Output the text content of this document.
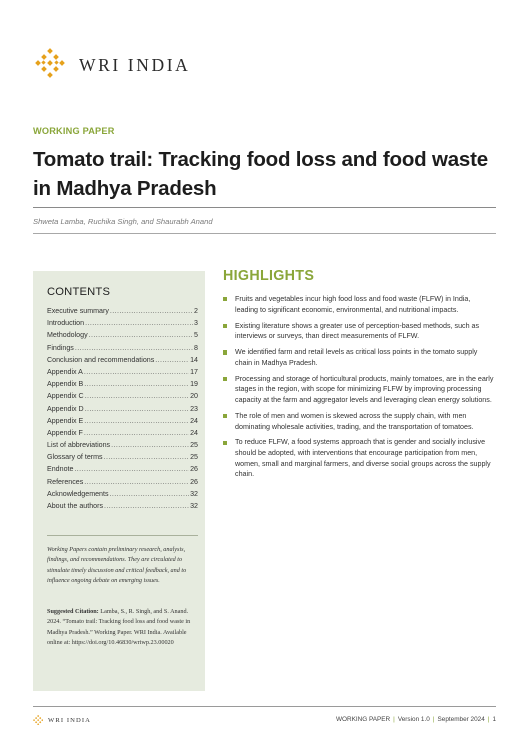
WRI INDIA
WORKING PAPER
Tomato trail: Tracking food loss and food waste in Madhya Pradesh
Shweta Lamba, Ruchika Singh, and Shaurabh Anand
CONTENTS
Executive summary .....	2
Introduction .....	3
Methodology .....	5
Findings .....	8
Conclusion and recommendations .....	14
Appendix A .....	17
Appendix B .....	19
Appendix C .....	20
Appendix D .....	23
Appendix E .....	24
Appendix F .....	24
List of abbreviations .....	25
Glossary of terms .....	25
Endnote .....	26
References .....	26
Acknowledgements .....	32
About the authors .....	32
Working Papers contain preliminary research, analysis, findings, and recommendations. They are circulated to stimulate timely discussion and critical feedback, and to influence ongoing debate on emerging issues.
Suggested Citation: Lamba, S., R. Singh, and S. Anand. 2024. “Tomato trail: Tracking food loss and food waste in Madhya Pradesh.” Working Paper. WRI India. Available online at: https://doi.org/10.46830/wriwp.23.00020
HIGHLIGHTS
Fruits and vegetables incur high food loss and food waste (FLFW) in India, leading to significant economic, environmental, and nutritional impacts.
Existing literature shows a greater use of perception-based methods, such as interviews or surveys, than direct measurements of FLFW.
We identified farm and retail levels as critical loss points in the tomato supply chain in Madhya Pradesh.
Processing and storage of horticultural products, mainly tomatoes, are in the early stages in the region, with scope for minimizing FLFW by improving processing capacity at the farm and aggregator levels and leveraging clean energy solutions.
The role of men and women is skewed across the supply chain, with men dominating wholesale activities, trading, and the transportation of tomatoes.
To reduce FLFW, a food systems approach that is gender and socially inclusive should be adopted, with interventions that encourage participation from men, women, small and marginal farmers, and diverse social groups across the supply chain.
WRI INDIA	WORKING PAPER | Version 1.0 | September 2024 | 1
